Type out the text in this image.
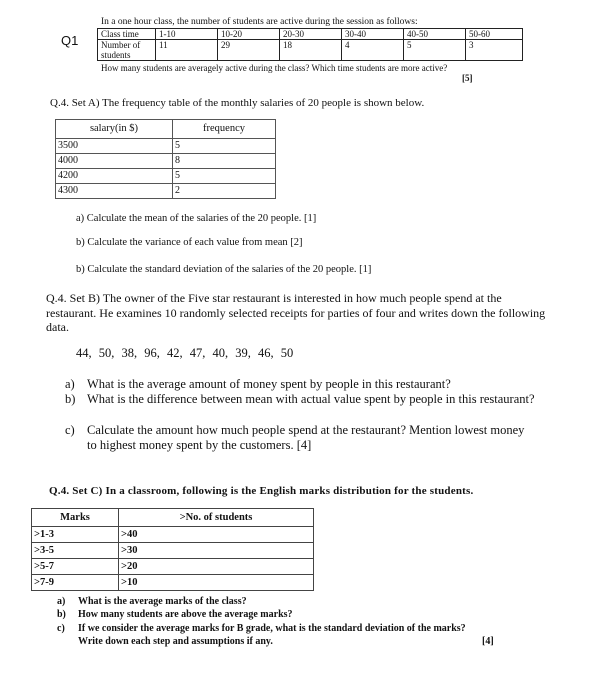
Q1
In a one hour class, the number of students are active during the session as follows:
Class time	1-10	10-20	20-30	30-40	40-50	50-60

Number of
students	11	29	18	4	5	3
How many students are averagely active during the class? Which time students are more active?
[5]
Q.4. Set A) The frequency table of the monthly salaries of 20 people is shown below.
salary(in $)	frequency
3500	5
4000	8
4200	5
4300	2
a) Calculate the mean of the salaries of the 20 people. [1]
b) Calculate the variance of each value from mean [2]
b) Calculate the standard deviation of the salaries of the 20 people. [1]
Q.4. Set B) The owner of the Five star restaurant is interested in how much people spend at the restaurant. He examines 10 randomly selected receipts for parties of four and writes down the following data.
44, 50, 38, 96, 42, 47, 40, 39, 46, 50
a) What is the average amount of money spent by people in this restaurant?
b) What is the difference between mean with actual value spent by people in this restaurant?
c) Calculate the amount how much people spend at the restaurant? Mention lowest money to highest money spent by the customers. [4]
Q.4. Set C) In a classroom, following is the English marks distribution for the students.
Marks	>No. of students
>1-3	>40
>3-5	>30
>5-7	>20
>7-9	>10
a) What is the average marks of the class?
b) How many students are above the average marks?
c) If we consider the average marks for B grade, what is the standard deviation of the marks?
Write down each step and assumptions if any.	[4]
